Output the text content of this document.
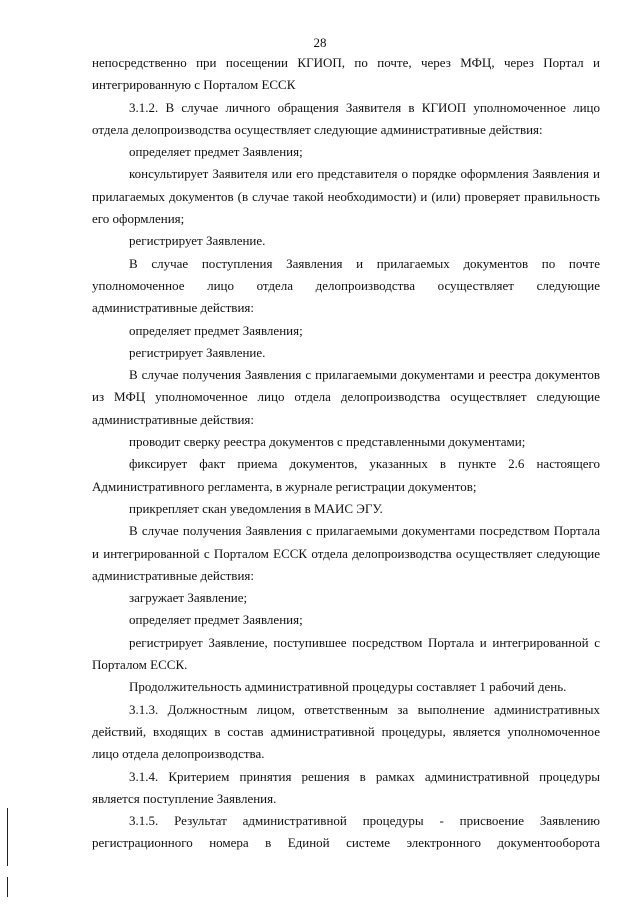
28

непосредственно при посещении КГИОП, по почте, через МФЦ, через Портал и интегрированную с Порталом ЕССК

3.1.2. В случае личного обращения Заявителя в КГИОП уполномоченное лицо отдела делопроизводства осуществляет следующие административные действия:

определяет предмет Заявления;

консультирует Заявителя или его представителя о порядке оформления Заявления и прилагаемых документов (в случае такой необходимости) и (или) проверяет правильность его оформления;

регистрирует Заявление.

В случае поступления Заявления и прилагаемых документов по почте уполномоченное лицо отдела делопроизводства осуществляет следующие административные действия:

определяет предмет Заявления;

регистрирует Заявление.

В случае получения Заявления с прилагаемыми документами и реестра документов из МФЦ уполномоченное лицо отдела делопроизводства осуществляет следующие административные действия:

проводит сверку реестра документов с представленными документами;

фиксирует факт приема документов, указанных в пункте 2.6 настоящего Административного регламента, в журнале регистрации документов;

прикрепляет скан уведомления в МАИС ЭГУ.

В случае получения Заявления с прилагаемыми документами посредством Портала и интегрированной с Порталом ЕССК отдела делопроизводства осуществляет следующие административные действия:

загружает Заявление;

определяет предмет Заявления;

регистрирует Заявление, поступившее посредством Портала и интегрированной с Порталом ЕССК.

Продолжительность административной процедуры составляет 1 рабочий день.

3.1.3. Должностным лицом, ответственным за выполнение административных действий, входящих в состав административной процедуры, является уполномоченное лицо отдела делопроизводства.

3.1.4. Критерием принятия решения в рамках административной процедуры является поступление Заявления.

3.1.5. Результат административной процедуры - присвоение Заявлению регистрационного номера в Единой системе электронного документооборота
